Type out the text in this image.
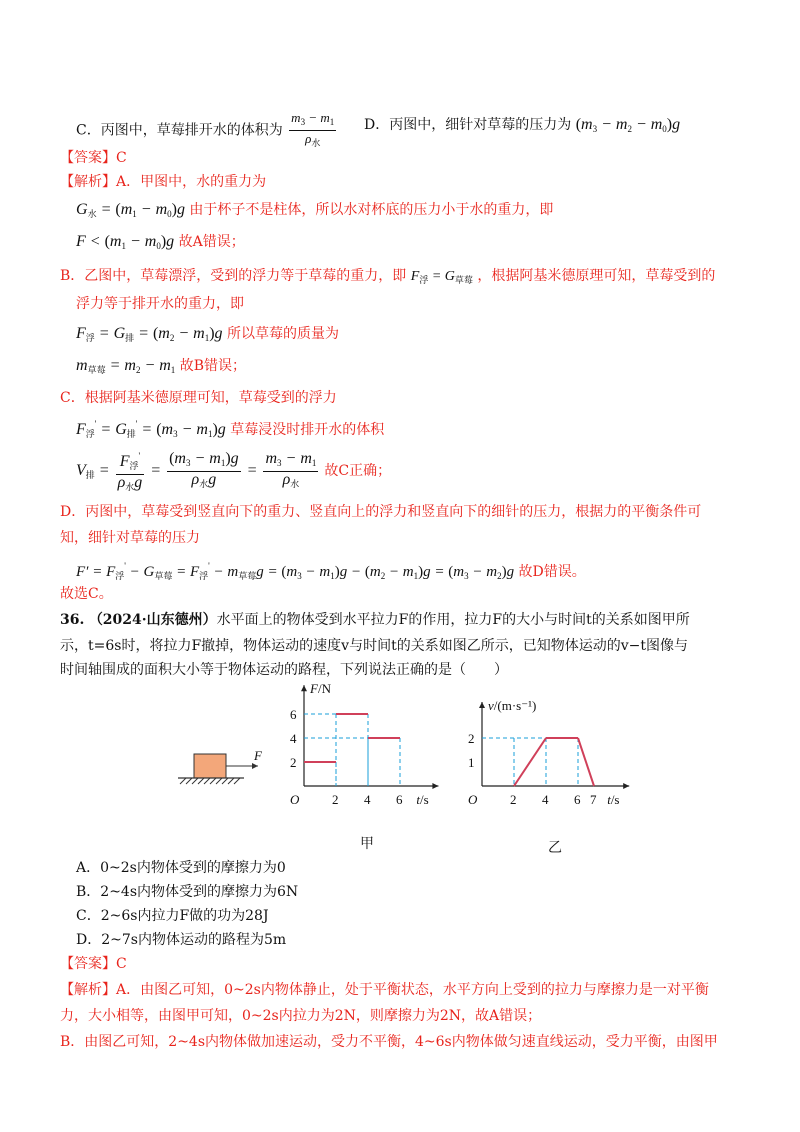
C．丙图中，草莓排开水的体积为 $\frac{m_3 - m_1}{\rho_水}$ D．丙图中，细针对草莓的压力为 $(m_3 - m_2 - m_0)g$
【答案】C
【解析】A．甲图中，水的重力为
$G_水 = (m_1 - m_0)g$ 由于杯子不是柱体，所以水对杯底的压力小于水的重力，即
$F < (m_1 - m_0)g$ 故A错误；
B．乙图中，草莓漂浮，受到的浮力等于草莓的重力，即 $F_浮 = G_{草莓}$ ，根据阿基米德原理可知，草莓受到的
浮力等于排开水的重力，即
$F_浮 = G_排 = (m_2 - m_1)g$ 所以草莓的质量为
$m_{草莓} = m_2 - m_1$ 故B错误；
C．根据阿基米德原理可知，草莓受到的浮力
$F_浮' = G_排' = (m_3 - m_1)g$ 草莓浸没时排开水的体积
$V_排 = \frac{F_浮'}{\rho_水g} = \frac{(m_3 - m_1)g}{\rho_水g} = \frac{m_3 - m_1}{\rho_水}$ 故C正确；
D．丙图中，草莓受到竖直向下的重力、竖直向上的浮力和竖直向下的细针的压力，根据力的平衡条件可
知，细针对草莓的压力
$F' = F_浮' - G_{草莓} = F_浮' - m_{草莓}g = (m_3 - m_1)g - (m_2 - m_1)g = (m_3 - m_2)g$ 故D错误。
故选C。
36. （2024·山东德州）水平面上的物体受到水平拉力F的作用，拉力F的大小与时间t的关系如图甲所
示，t=6s时，将拉力F撤掉，物体运动的速度v与时间t的关系如图乙所示，已知物体运动的v−t图像与
时间轴围成的面积大小等于物体运动的路程，下列说法正确的是（　　）
F
F/N
t/s
O	2 4 6
2
4
6
v/(m·s⁻¹)
t/s
O	2 4 6 7
1
2
甲	乙
A．0~2s内物体受到的摩擦力为0
B．2~4s内物体受到的摩擦力为6N
C．2~6s内拉力F做的功为28J
D．2~7s内物体运动的路程为5m
【答案】C
【解析】A．由图乙可知，0~2s内物体静止，处于平衡状态，水平方向上受到的拉力与摩擦力是一对平衡
力，大小相等，由图甲可知，0~2s内拉力为2N，则摩擦力为2N，故A错误；
B．由图乙可知，2~4s内物体做加速运动，受力不平衡，4~6s内物体做匀速直线运动，受力平衡，由图甲
